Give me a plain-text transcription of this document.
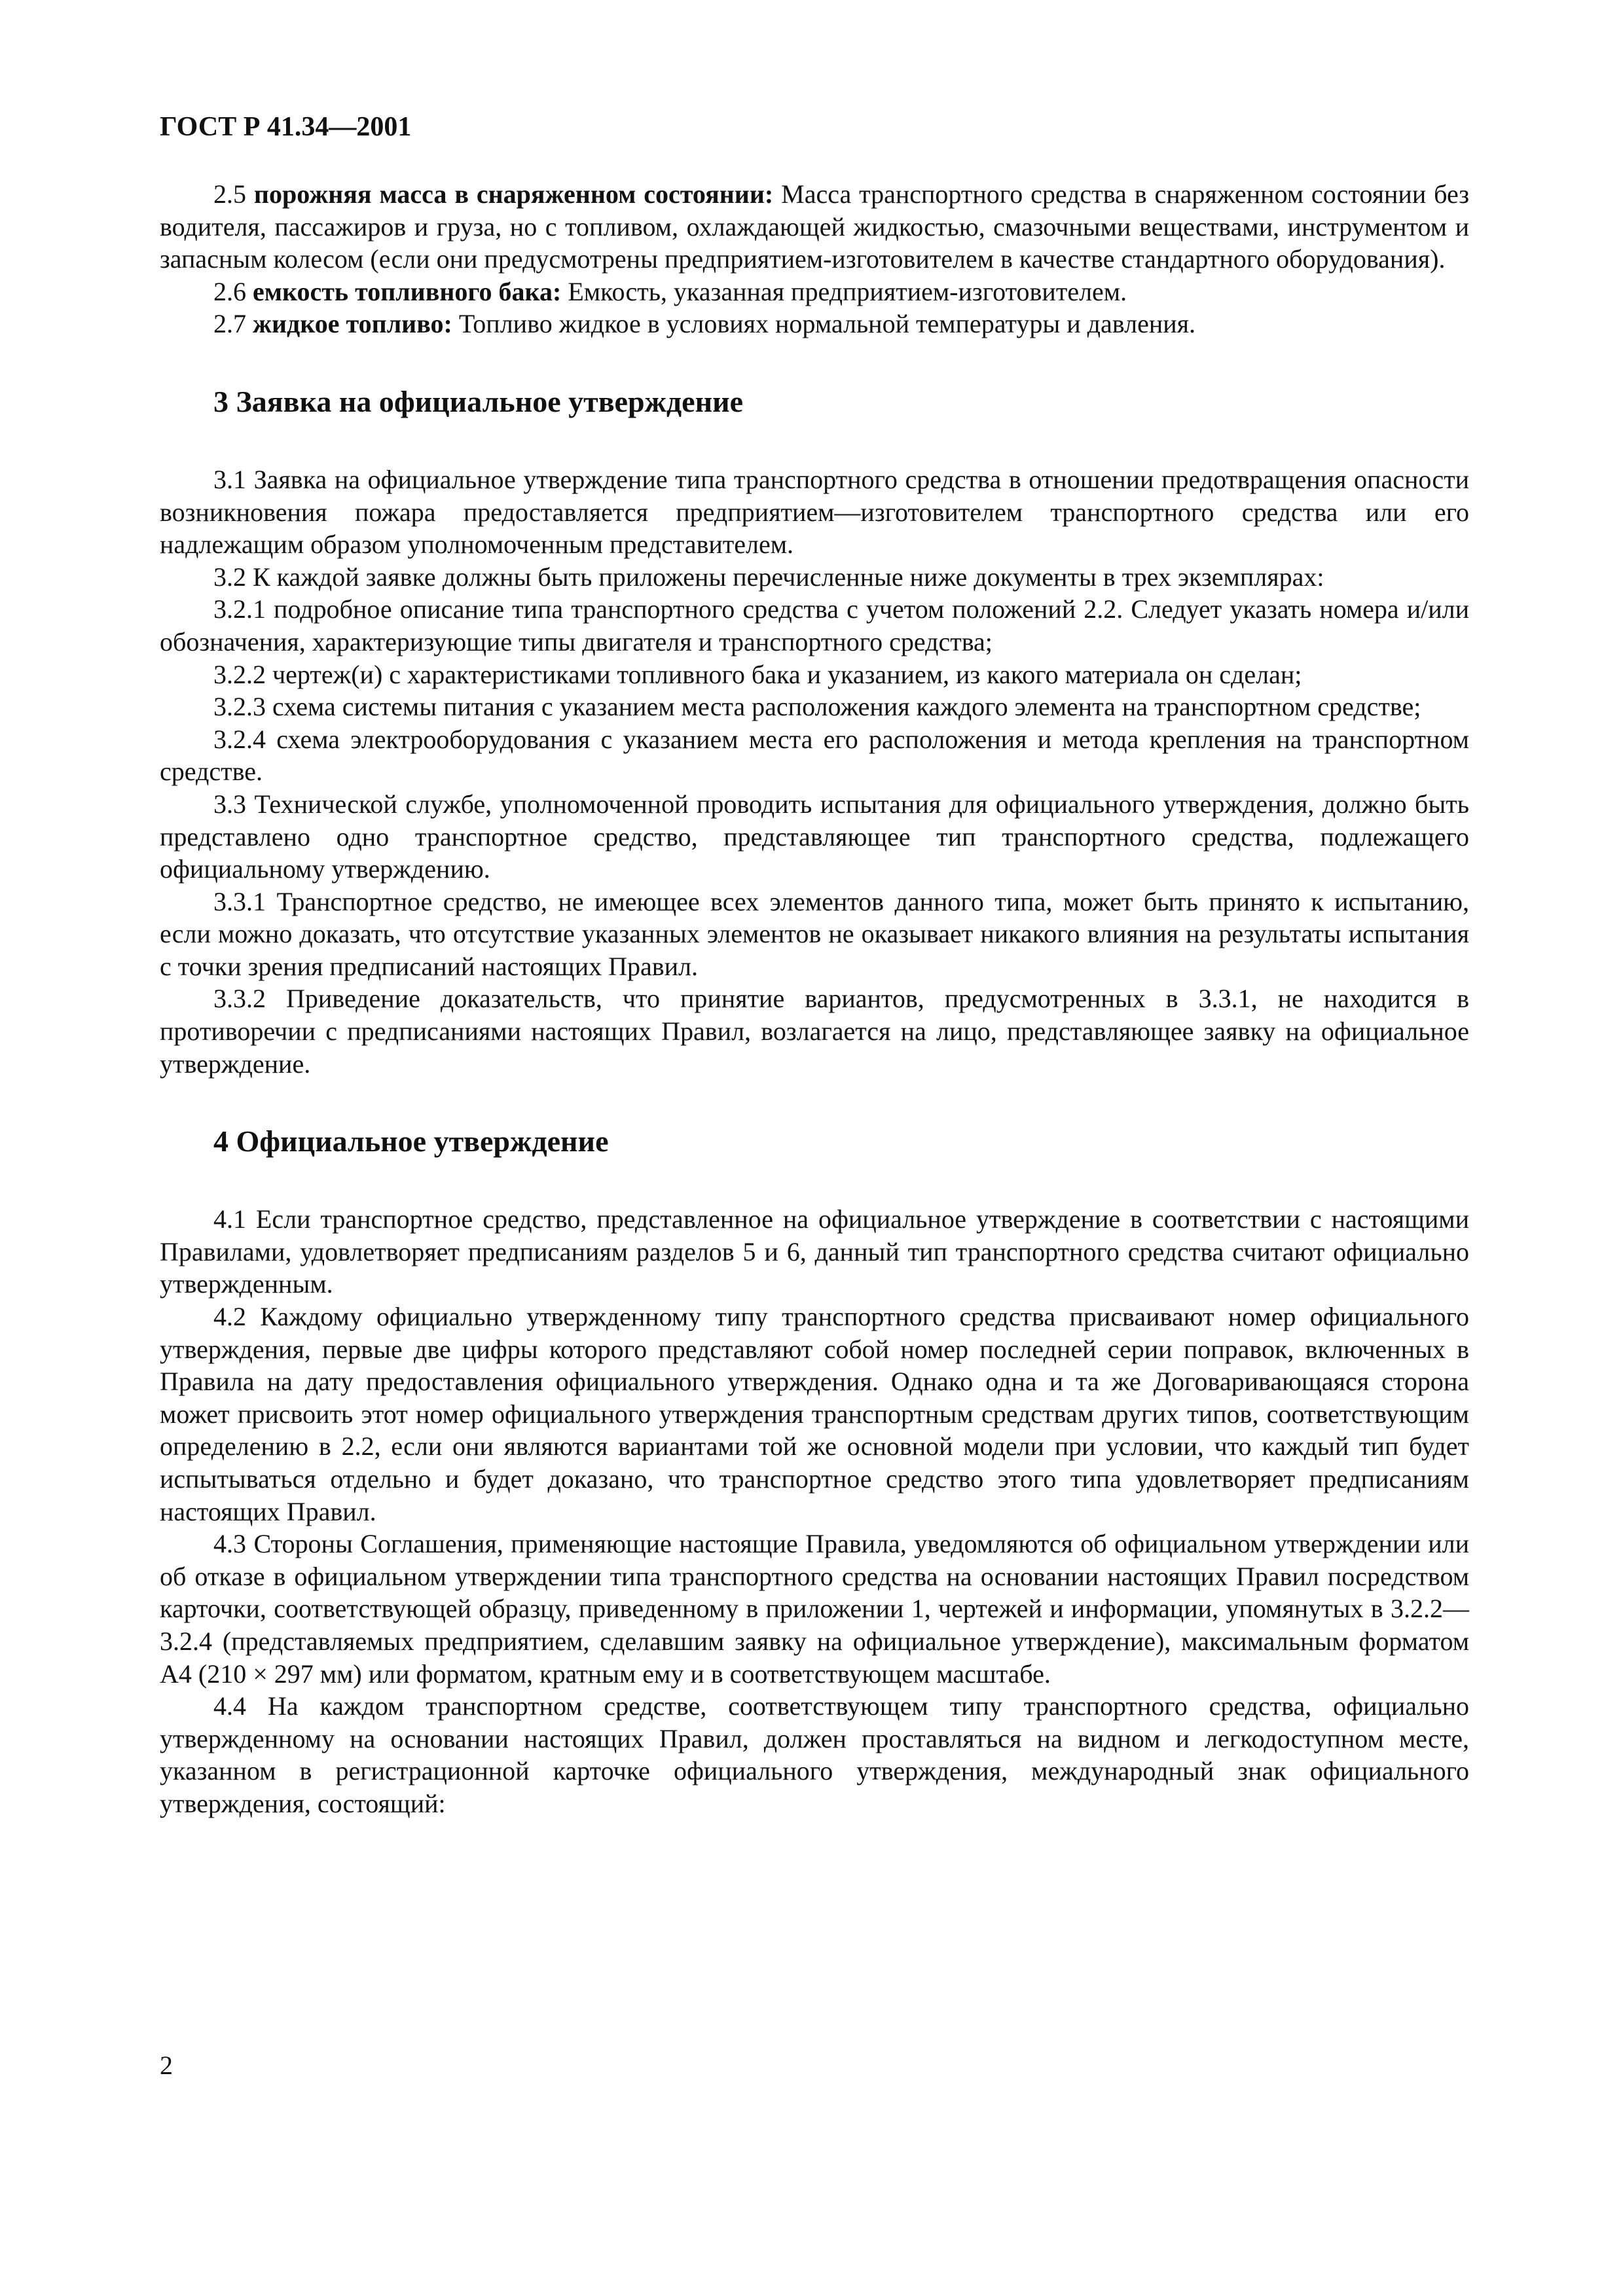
ГОСТ Р 41.34—2001

2.5 порожняя масса в снаряженном состоянии: Масса транспортного средства в снаряженном состоянии без водителя, пассажиров и груза, но с топливом, охлаждающей жидкостью, смазочными веществами, инструментом и запасным колесом (если они предусмотрены предприятием-изготовителем в качестве стандартного оборудования).

2.6 емкость топливного бака: Емкость, указанная предприятием-изготовителем.

2.7 жидкое топливо: Топливо жидкое в условиях нормальной температуры и давления.

3 Заявка на официальное утверждение

3.1 Заявка на официальное утверждение типа транспортного средства в отношении предотвращения опасности возникновения пожара предоставляется предприятием—изготовителем транспортного средства или его надлежащим образом уполномоченным представителем.

3.2 К каждой заявке должны быть приложены перечисленные ниже документы в трех экземплярах:

3.2.1 подробное описание типа транспортного средства с учетом положений 2.2. Следует указать номера и/или обозначения, характеризующие типы двигателя и транспортного средства;

3.2.2 чертеж(и) с характеристиками топливного бака и указанием, из какого материала он сделан;

3.2.3 схема системы питания с указанием места расположения каждого элемента на транспортном средстве;

3.2.4 схема электрооборудования с указанием места его расположения и метода крепления на транспортном средстве.

3.3 Технической службе, уполномоченной проводить испытания для официального утверждения, должно быть представлено одно транспортное средство, представляющее тип транспортного средства, подлежащего официальному утверждению.

3.3.1 Транспортное средство, не имеющее всех элементов данного типа, может быть принято к испытанию, если можно доказать, что отсутствие указанных элементов не оказывает никакого влияния на результаты испытания с точки зрения предписаний настоящих Правил.

3.3.2 Приведение доказательств, что принятие вариантов, предусмотренных в 3.3.1, не находится в противоречии с предписаниями настоящих Правил, возлагается на лицо, представляющее заявку на официальное утверждение.

4 Официальное утверждение

4.1 Если транспортное средство, представленное на официальное утверждение в соответствии с настоящими Правилами, удовлетворяет предписаниям разделов 5 и 6, данный тип транспортного средства считают официально утвержденным.

4.2 Каждому официально утвержденному типу транспортного средства присваивают номер официального утверждения, первые две цифры которого представляют собой номер последней серии поправок, включенных в Правила на дату предоставления официального утверждения. Однако одна и та же Договаривающаяся сторона может присвоить этот номер официального утверждения транспортным средствам других типов, соответствующим определению в 2.2, если они являются вариантами той же основной модели при условии, что каждый тип будет испытываться отдельно и будет доказано, что транспортное средство этого типа удовлетворяет предписаниям настоящих Правил.

4.3 Стороны Соглашения, применяющие настоящие Правила, уведомляются об официальном утверждении или об отказе в официальном утверждении типа транспортного средства на основании настоящих Правил посредством карточки, соответствующей образцу, приведенному в приложении 1, чертежей и информации, упомянутых в 3.2.2—3.2.4 (представляемых предприятием, сделавшим заявку на официальное утверждение), максимальным форматом А4 (210 × 297 мм) или форматом, кратным ему и в соответствующем масштабе.

4.4 На каждом транспортном средстве, соответствующем типу транспортного средства, официально утвержденному на основании настоящих Правил, должен проставляться на видном и легкодоступном месте, указанном в регистрационной карточке официального утверждения, международный знак официального утверждения, состоящий:

2
